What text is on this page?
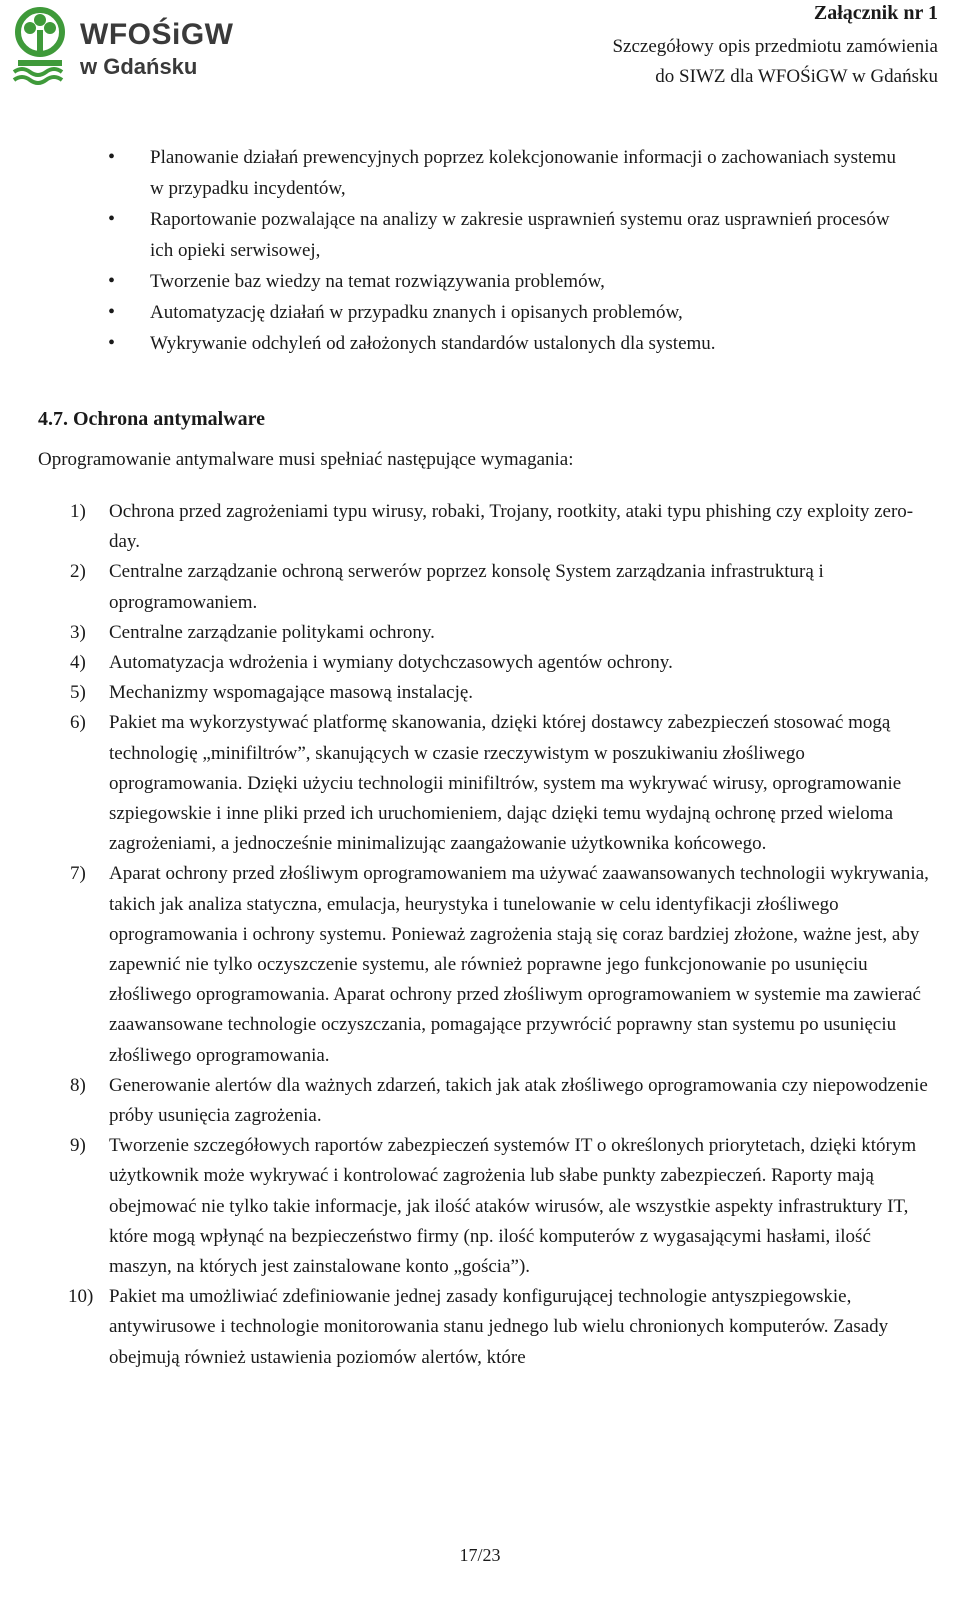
WFOŚiGW
w Gdańsku
Załącznik nr 1
Szczegółowy opis przedmiotu zamówienia
do SIWZ dla WFOŚiGW w Gdańsku
• Planowanie działań prewencyjnych poprzez kolekcjonowanie informacji o zachowaniach systemu w przypadku incydentów,
• Raportowanie pozwalające na analizy w zakresie usprawnień systemu oraz usprawnień procesów ich opieki serwisowej,
• Tworzenie baz wiedzy na temat rozwiązywania problemów,
• Automatyzację działań w przypadku znanych i opisanych problemów,
• Wykrywanie odchyleń od założonych standardów ustalonych dla systemu.
4.7. Ochrona antymalware
Oprogramowanie antymalware musi spełniać następujące wymagania:
1) Ochrona przed zagrożeniami typu wirusy, robaki, Trojany, rootkity, ataki typu phishing czy exploity zero-day.
2) Centralne zarządzanie ochroną serwerów poprzez konsolę System zarządzania infrastrukturą i oprogramowaniem.
3) Centralne zarządzanie politykami ochrony.
4) Automatyzacja wdrożenia i wymiany dotychczasowych agentów ochrony.
5) Mechanizmy wspomagające masową instalację.
6) Pakiet ma wykorzystywać platformę skanowania, dzięki której dostawcy zabezpieczeń stosować mogą technologię „minifiltrów”, skanujących w czasie rzeczywistym w poszukiwaniu złośliwego oprogramowania. Dzięki użyciu technologii minifiltrów, system ma wykrywać wirusy, oprogramowanie szpiegowskie i inne pliki przed ich uruchomieniem, dając dzięki temu wydajną ochronę przed wieloma zagrożeniami, a jednocześnie minimalizując zaangażowanie użytkownika końcowego.
7) Aparat ochrony przed złośliwym oprogramowaniem ma używać zaawansowanych technologii wykrywania, takich jak analiza statyczna, emulacja, heurystyka i tunelowanie w celu identyfikacji złośliwego oprogramowania i ochrony systemu. Ponieważ zagrożenia stają się coraz bardziej złożone, ważne jest, aby zapewnić nie tylko oczyszczenie systemu, ale również poprawne jego funkcjonowanie po usunięciu złośliwego oprogramowania. Aparat ochrony przed złośliwym oprogramowaniem w systemie ma zawierać zaawansowane technologie oczyszczania, pomagające przywrócić poprawny stan systemu po usunięciu złośliwego oprogramowania.
8) Generowanie alertów dla ważnych zdarzeń, takich jak atak złośliwego oprogramowania czy niepowodzenie próby usunięcia zagrożenia.
9) Tworzenie szczegółowych raportów zabezpieczeń systemów IT o określonych priorytetach, dzięki którym użytkownik może wykrywać i kontrolować zagrożenia lub słabe punkty zabezpieczeń. Raporty mają obejmować nie tylko takie informacje, jak ilość ataków wirusów, ale wszystkie aspekty infrastruktury IT, które mogą wpłynąć na bezpieczeństwo firmy (np. ilość komputerów z wygasającymi hasłami, ilość maszyn, na których jest zainstalowane konto „gościa”).
10) Pakiet ma umożliwiać zdefiniowanie jednej zasady konfigurującej technologie antyszpiegowskie, antywirusowe i technologie monitorowania stanu jednego lub wielu chronionych komputerów. Zasady obejmują również ustawienia poziomów alertów, które
17/23
